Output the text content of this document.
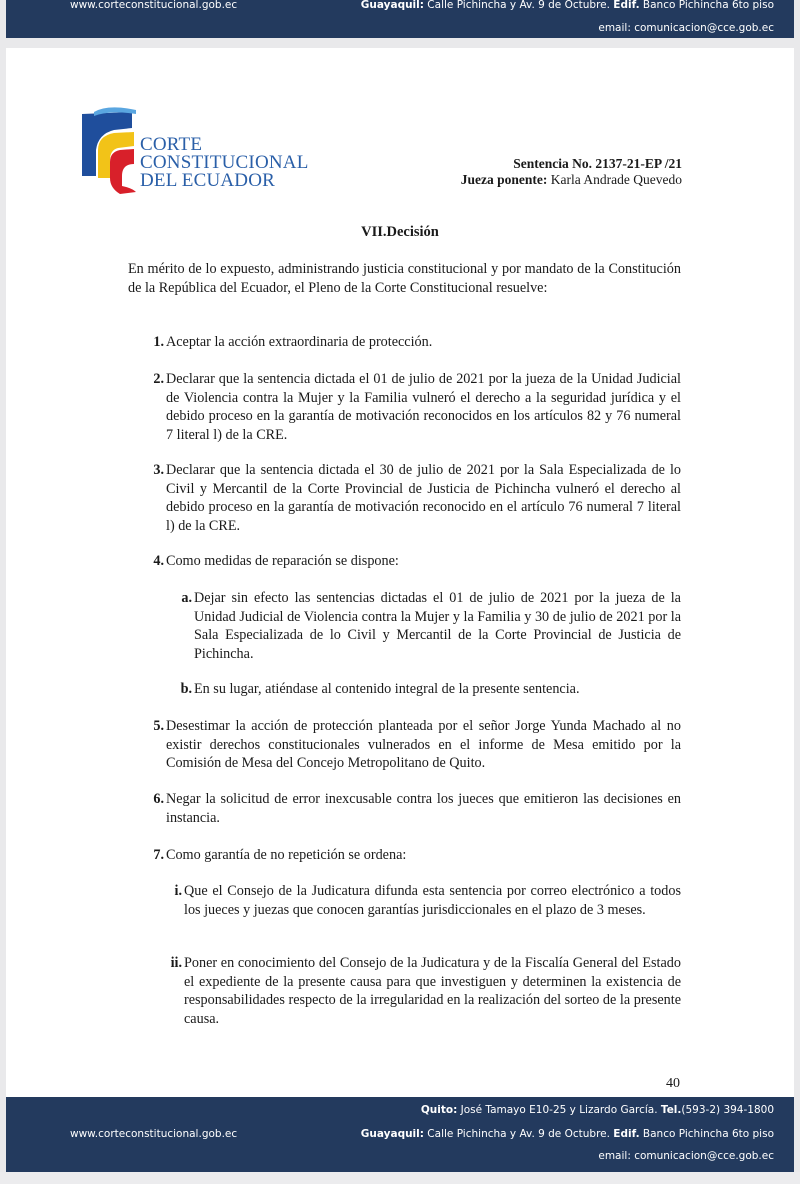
www.corteconstitucional.gob.ec	Guayaquil: Calle Pichincha y Av. 9 de Octubre. Edif. Banco Pichincha 6to piso
email: comunicacion@cce.gob.ec
CORTE
CONSTITUCIONAL
DEL ECUADOR
Sentencia No. 2137-21-EP /21
Jueza ponente: Karla Andrade Quevedo
VII.Decisión
En mérito de lo expuesto, administrando justicia constitucional y por mandato de la Constitución de la República del Ecuador, el Pleno de la Corte Constitucional resuelve:
1. Aceptar la acción extraordinaria de protección.
2. Declarar que la sentencia dictada el 01 de julio de 2021 por la jueza de la Unidad Judicial de Violencia contra la Mujer y la Familia vulneró el derecho a la seguridad jurídica y el debido proceso en la garantía de motivación reconocidos en los artículos 82 y 76 numeral 7 literal l) de la CRE.
3. Declarar que la sentencia dictada el 30 de julio de 2021 por la Sala Especializada de lo Civil y Mercantil de la Corte Provincial de Justicia de Pichincha vulneró el derecho al debido proceso en la garantía de motivación reconocido en el artículo 76 numeral 7 literal l) de la CRE.
4. Como medidas de reparación se dispone:
a. Dejar sin efecto las sentencias dictadas el 01 de julio de 2021 por la jueza de la Unidad Judicial de Violencia contra la Mujer y la Familia y 30 de julio de 2021 por la Sala Especializada de lo Civil y Mercantil de la Corte Provincial de Justicia de Pichincha.
b. En su lugar, atiéndase al contenido integral de la presente sentencia.
5. Desestimar la acción de protección planteada por el señor Jorge Yunda Machado al no existir derechos constitucionales vulnerados en el informe de Mesa emitido por la Comisión de Mesa del Concejo Metropolitano de Quito.
6. Negar la solicitud de error inexcusable contra los jueces que emitieron las decisiones en instancia.
7. Como garantía de no repetición se ordena:
i. Que el Consejo de la Judicatura difunda esta sentencia por correo electrónico a todos los jueces y juezas que conocen garantías jurisdiccionales en el plazo de 3 meses.
ii. Poner en conocimiento del Consejo de la Judicatura y de la Fiscalía General del Estado el expediente de la presente causa para que investiguen y determinen la existencia de responsabilidades respecto de la irregularidad en la realización del sorteo de la presente causa.
40
Quito: José Tamayo E10-25 y Lizardo García. Tel.(593-2) 394-1800
www.corteconstitucional.gob.ec	Guayaquil: Calle Pichincha y Av. 9 de Octubre. Edif. Banco Pichincha 6to piso
email: comunicacion@cce.gob.ec
